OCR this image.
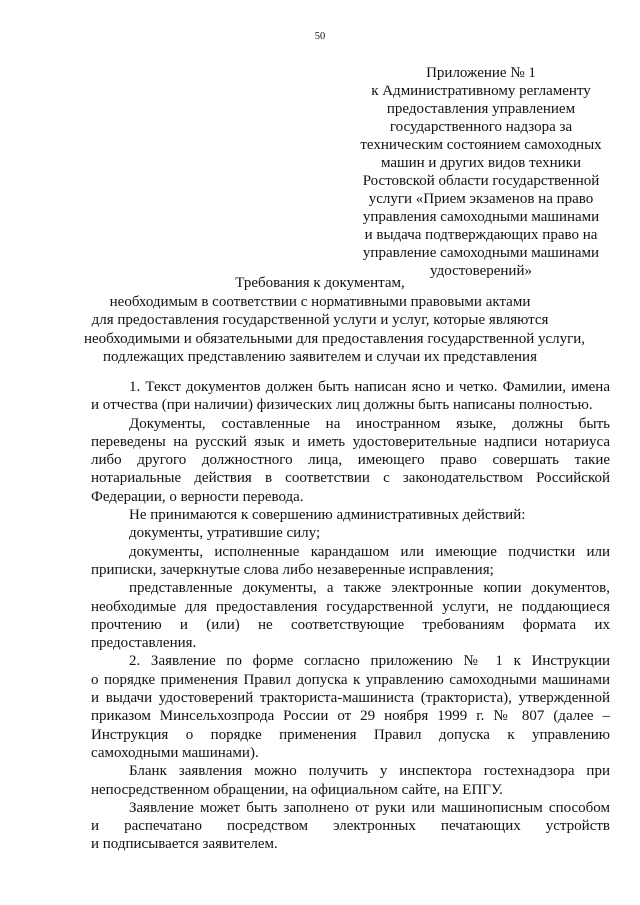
50
Приложение № 1
к Административному регламенту
предоставления управлением
государственного надзора за
техническим состоянием самоходных
машин и других видов техники
Ростовской области государственной
услуги «Прием экзаменов на право
управления самоходными машинами
и выдача подтверждающих право на
управление самоходными машинами
удостоверений»
Требования к документам,
необходимым в соответствии с нормативными правовыми актами
для предоставления государственной услуги и услуг, которые являются
необходимыми и обязательными для предоставления государственной услуги,
подлежащих представлению заявителем и случаи их представления
1. Текст документов должен быть написан ясно и четко. Фамилии, имена
и отчества (при наличии) физических лиц должны быть написаны полностью.
Документы, составленные на иностранном языке, должны быть
переведены на русский язык и иметь удостоверительные надписи нотариуса
либо другого должностного лица, имеющего право совершать такие
нотариальные действия в соответствии с законодательством Российской
Федерации, о верности перевода.
Не принимаются к совершению административных действий:
документы, утратившие силу;
документы, исполненные карандашом или имеющие подчистки или
приписки, зачеркнутые слова либо незаверенные исправления;
представленные документы, а также электронные копии документов,
необходимые для предоставления государственной услуги, не поддающиеся
прочтению и (или) не соответствующие требованиям формата их
предоставления.
2. Заявление по форме согласно приложению № 1 к Инструкции
о порядке применения Правил допуска к управлению самоходными машинами
и выдачи удостоверений тракториста-машиниста (тракториста), утвержденной
приказом Минсельхозпрода России от 29 ноября 1999 г. № 807 (далее –
Инструкция о порядке применения Правил допуска к управлению
самоходными машинами).
Бланк заявления можно получить у инспектора гостехнадзора при
непосредственном обращении, на официальном сайте, на ЕПГУ.
Заявление может быть заполнено от руки или машинописным способом
и распечатано посредством электронных печатающих устройств
и подписывается заявителем.
